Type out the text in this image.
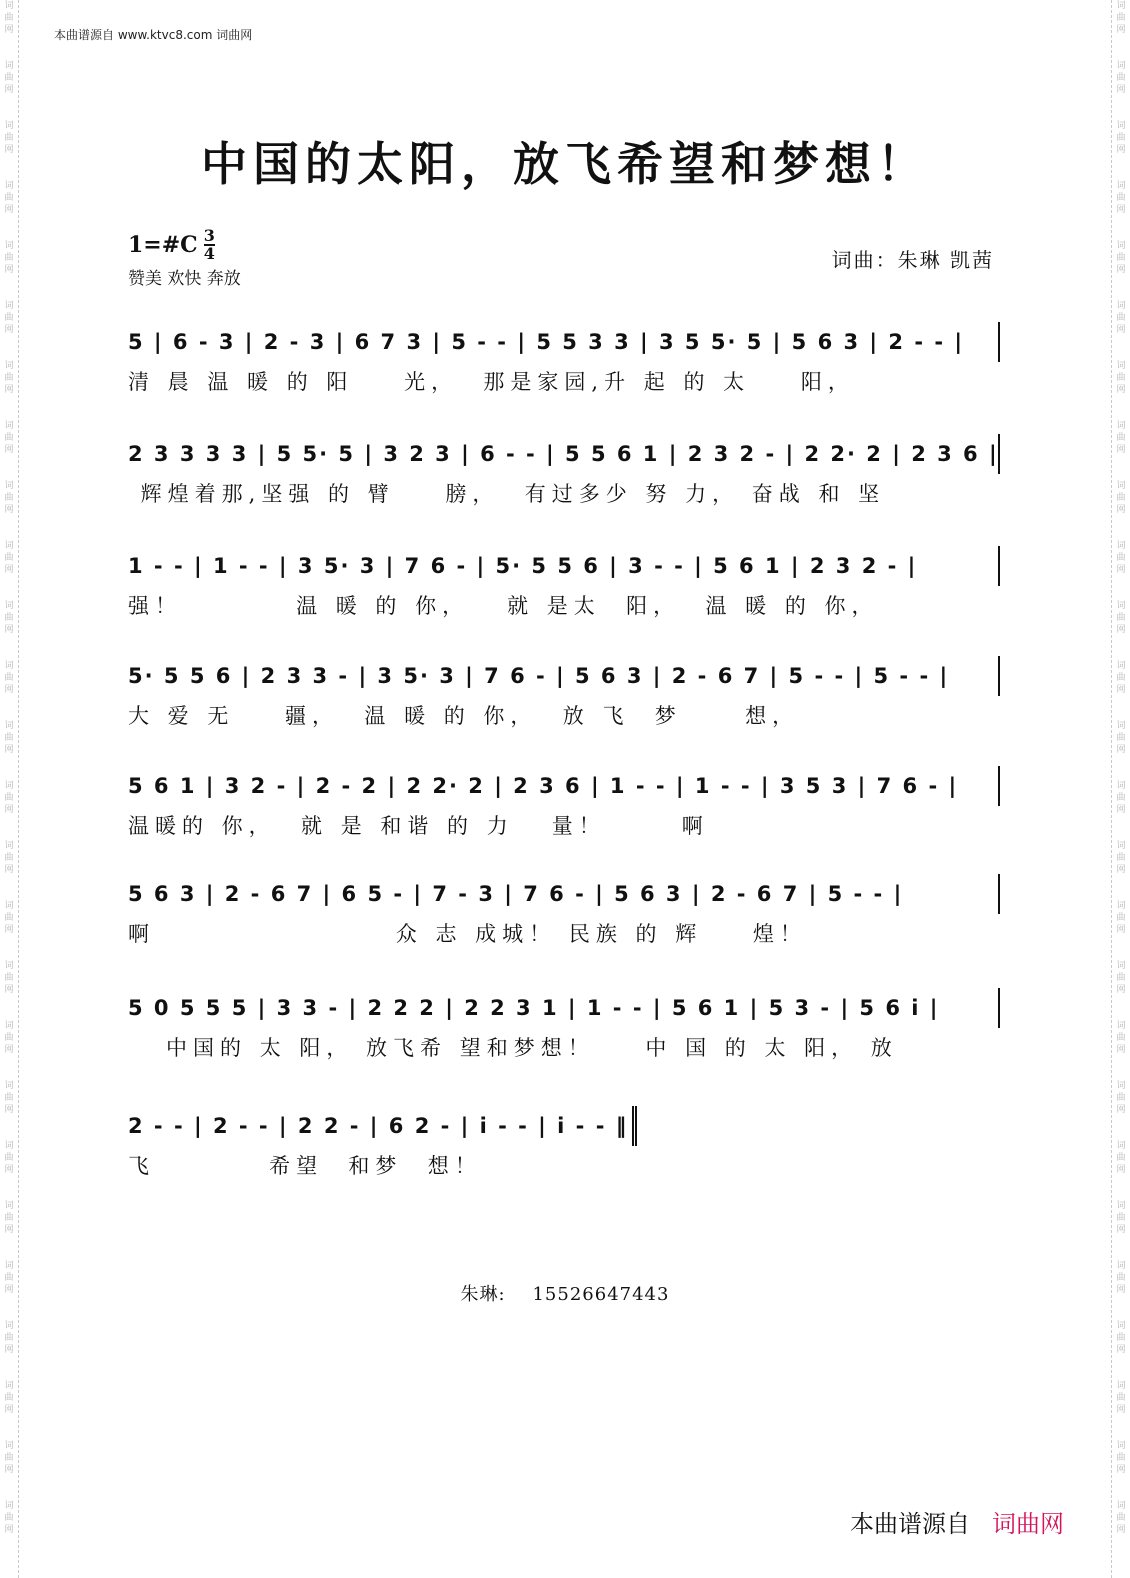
词曲网
词曲网
词曲网
词曲网
词曲网
词曲网
词曲网
词曲网
词曲网
词曲网
词曲网
词曲网
词曲网
词曲网
词曲网
词曲网
词曲网
词曲网
词曲网
词曲网
词曲网
词曲网
词曲网
词曲网
词曲网
词曲网
词曲网
词曲网
词曲网
词曲网
词曲网
词曲网
词曲网
词曲网
词曲网
词曲网
词曲网
词曲网
词曲网
词曲网
词曲网
词曲网
词曲网
词曲网
词曲网
词曲网
词曲网
词曲网
词曲网
词曲网
词曲网
词曲网
本曲谱源自 www.ktvc8.com 词曲网
中国的太阳，放飞希望和梦想！
1=#C 3
4
赞美 欢快 奔放
词曲：朱琳 凯茜
5 | 6 - 3 | 2 - 3 | 6 7 3 | 5 - - | 5 5 3 3 | 3 5 5· 5 | 5 6 3 | 2 - - |
清 晨 温 暖 的 阳    光，  那是家园,升 起 的 太    阳，
2 3 3 3 3 | 5 5· 5 | 3 2 3 | 6 - - | 5 5 6 1 | 2 3 2 - | 2 2· 2 | 2 3 6 |
辉煌着那,坚强 的 臂    膀，  有过多少 努 力， 奋战 和 坚
1 - - | 1 - - | 3 5· 3 | 7 6 - | 5· 5 5 6 | 3 - - | 5 6 1 | 2 3 2 - |
强！         温 暖 的 你，   就 是太  阳，  温 暖 的 你，
5· 5 5 6 | 2 3 3 - | 3 5· 3 | 7 6 - | 5 6 3 | 2 - 6 7 | 5 - - | 5 - - |
大 爱 无    疆，  温 暖 的 你，  放 飞  梦     想，
5 6 1 | 3 2 - | 2 - 2 | 2 2· 2 | 2 3 6 | 1 - - | 1 - - | 3 5 3 | 7 6 - |
温暖的 你，  就 是 和谐 的 力   量！      啊
5 6 3 | 2 - 6 7 | 6 5 - | 7 - 3 | 7 6 - | 5 6 3 | 2 - 6 7 | 5 - - |
啊                   众 志 成城！ 民族 的 辉    煌！
5 0 5 5 5 | 3 3 - | 2 2 2 | 2 2 3 1 | 1 - - | 5 6 1 | 5 3 - | 5 6 i |
中国的 太 阳， 放飞希 望和梦想！    中 国 的 太 阳， 放
2 - - | 2 - - | 2 2 - | 6 2 - | i - - | i - - ‖
飞         希望  和梦  想！
朱琳: 15526647443
本曲谱源自 词曲网
